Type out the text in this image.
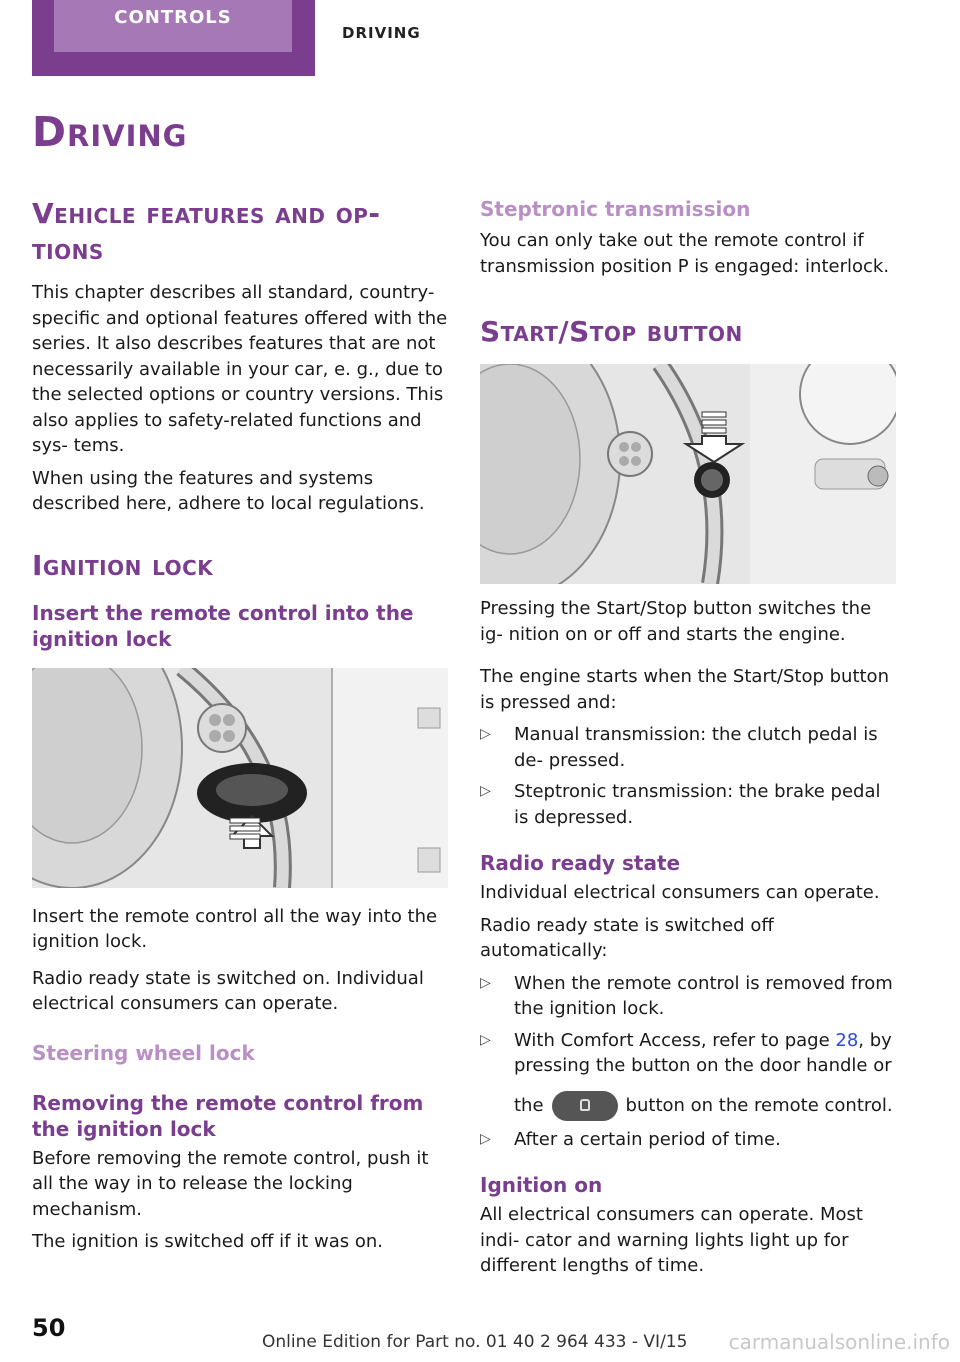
CONTROLS
DRIVING
Driving
Vehicle features and op‐ tions

This chapter describes all standard, country-specific and optional features offered with the series. It also describes features that are not necessarily available in your car, e. g., due to the selected options or country versions. This also applies to safety-related functions and sys‐ tems.

When using the features and systems described here, adhere to local regulations.

Ignition lock
Insert the remote control into the ignition lock

Insert the remote control all the way into the ignition lock.

Radio ready state is switched on. Individual electrical consumers can operate.

Steering wheel lock
Removing the remote control from the ignition lock

Before removing the remote control, push it all the way in to release the locking mechanism.

The ignition is switched off if it was on.

Steptronic transmission

You can only take out the remote control if transmission position P is engaged: interlock.

Start/Stop button

Pressing the Start/Stop button switches the ig‐ nition on or off and starts the engine.

The engine starts when the Start/Stop button is pressed and:

▷ Manual transmission: the clutch pedal is de‐ pressed.
▷ Steptronic transmission: the brake pedal is depressed.
Radio ready state

Individual electrical consumers can operate.

Radio ready state is switched off automatically:

▷ When the remote control is removed from the ignition lock.
▷ With Comfort Access, refer to page 28, by pressing the button on the door handle or
the	button on the remote control.
▷ After a certain period of time.
Ignition on

All electrical consumers can operate. Most indi‐ cator and warning lights light up for different lengths of time.

50	Online Edition for Part no. 01 40 2 964 433 - VI/15 carmanualsonline.info
